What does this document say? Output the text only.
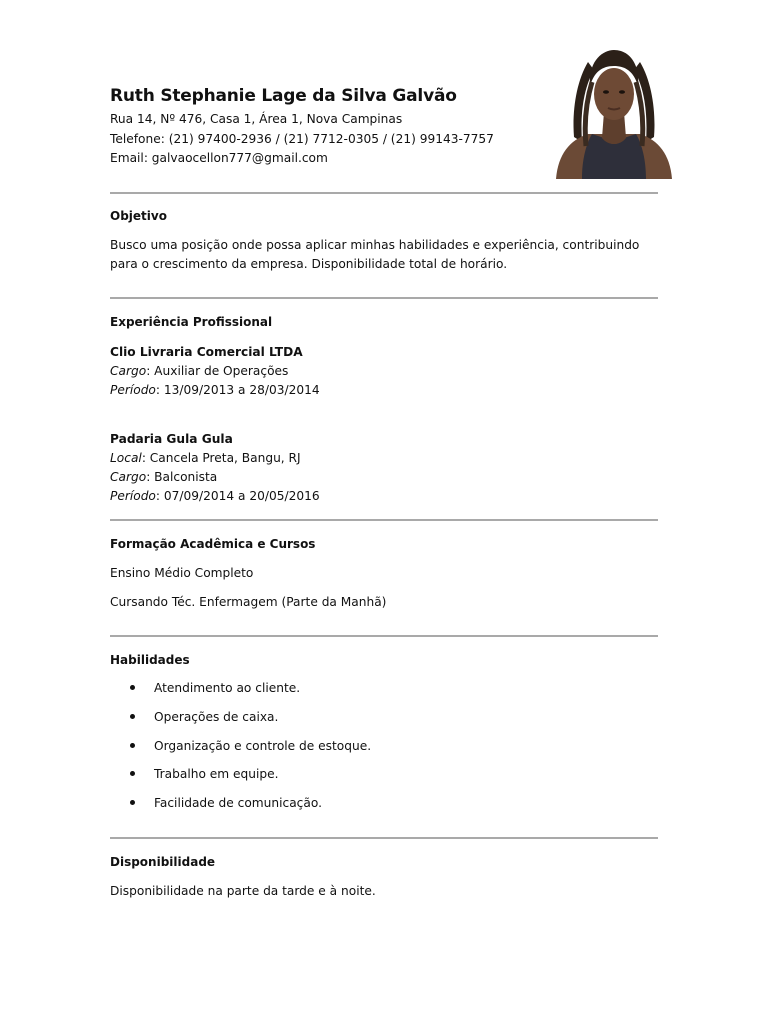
Ruth Stephanie Lage da Silva Galvão
Rua 14, Nº 476, Casa 1, Área 1, Nova Campinas
Telefone: (21) 97400-2936 / (21) 7712-0305 / (21) 99143-7757
Email: galvaocellon777@gmail.com
Objetivo
Busco uma posição onde possa aplicar minhas habilidades e experiência, contribuindo
para o crescimento da empresa. Disponibilidade total de horário.
Experiência Profissional
Clio Livraria Comercial LTDA
Cargo: Auxiliar de Operações
Período: 13/09/2013 a 28/03/2014
Padaria Gula Gula
Local: Cancela Preta, Bangu, RJ
Cargo: Balconista
Período: 07/09/2014 a 20/05/2016
Formação Acadêmica e Cursos
Ensino Médio Completo
Cursando Téc. Enfermagem (Parte da Manhã)
Habilidades
Atendimento ao cliente.
Operações de caixa.
Organização e controle de estoque.
Trabalho em equipe.
Facilidade de comunicação.
Disponibilidade
Disponibilidade na parte da tarde e à noite.
